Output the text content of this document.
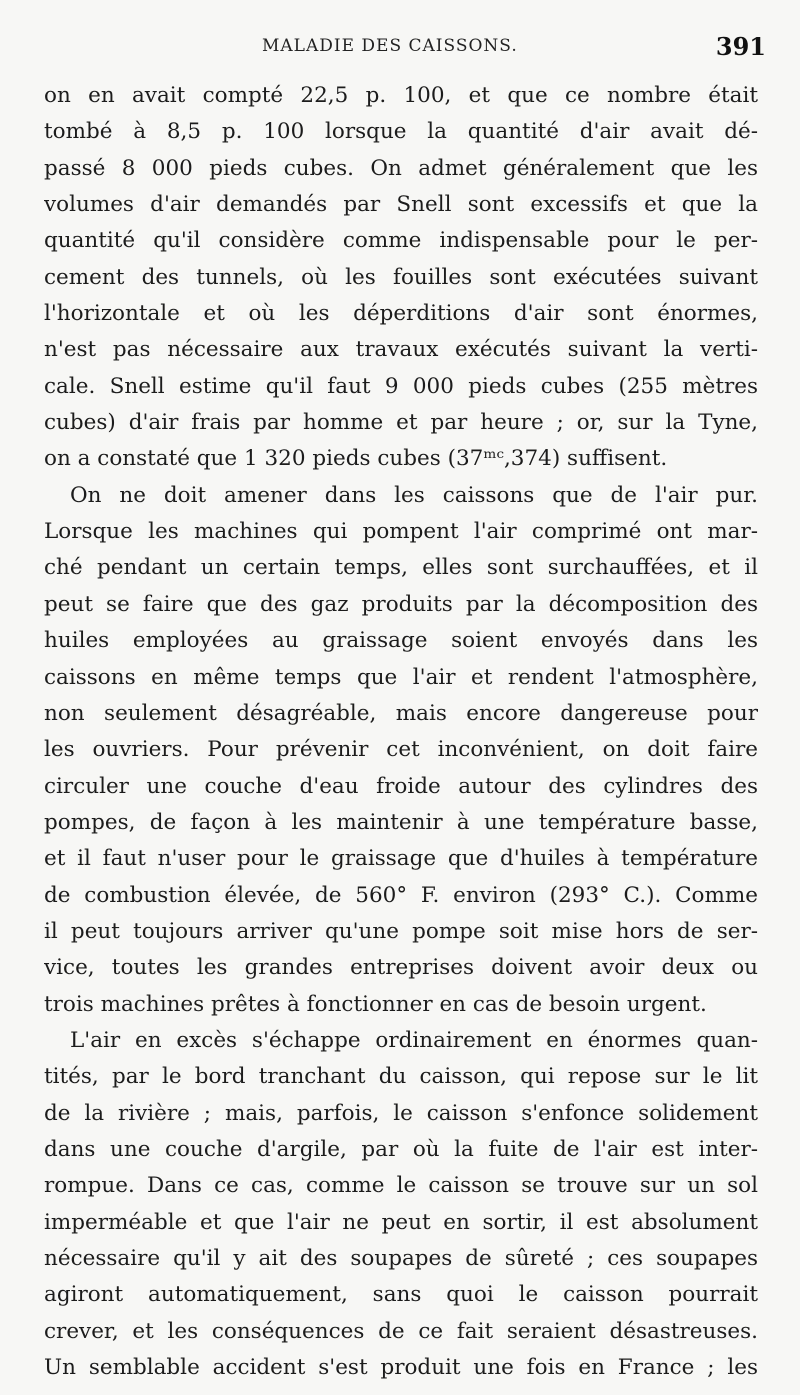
MALADIE DES CAISSONS.	391
on en avait compté 22,5 p. 100, et que ce nombre était
tombé à 8,5 p. 100 lorsque la quantité d'air avait dé-
passé 8 000 pieds cubes. On admet généralement que les
volumes d'air demandés par Snell sont excessifs et que la
quantité qu'il considère comme indispensable pour le per-
cement des tunnels, où les fouilles sont exécutées suivant
l'horizontale et où les déperditions d'air sont énormes,
n'est pas nécessaire aux travaux exécutés suivant la verti-
cale. Snell estime qu'il faut 9 000 pieds cubes (255 mètres
cubes) d'air frais par homme et par heure ; or, sur la Tyne,
on a constaté que 1 320 pieds cubes (37ᵐᶜ,374) suffisent.
On ne doit amener dans les caissons que de l'air pur.
Lorsque les machines qui pompent l'air comprimé ont mar-
ché pendant un certain temps, elles sont surchauffées, et il
peut se faire que des gaz produits par la décomposition des
huiles employées au graissage soient envoyés dans les
caissons en même temps que l'air et rendent l'atmosphère,
non seulement désagréable, mais encore dangereuse pour
les ouvriers. Pour prévenir cet inconvénient, on doit faire
circuler une couche d'eau froide autour des cylindres des
pompes, de façon à les maintenir à une température basse,
et il faut n'user pour le graissage que d'huiles à température
de combustion élevée, de 560° F. environ (293° C.). Comme
il peut toujours arriver qu'une pompe soit mise hors de ser-
vice, toutes les grandes entreprises doivent avoir deux ou
trois machines prêtes à fonctionner en cas de besoin urgent.
L'air en excès s'échappe ordinairement en énormes quan-
tités, par le bord tranchant du caisson, qui repose sur le lit
de la rivière ; mais, parfois, le caisson s'enfonce solidement
dans une couche d'argile, par où la fuite de l'air est inter-
rompue. Dans ce cas, comme le caisson se trouve sur un sol
imperméable et que l'air ne peut en sortir, il est absolument
nécessaire qu'il y ait des soupapes de sûreté ; ces soupapes
agiront automatiquement, sans quoi le caisson pourrait
crever, et les conséquences de ce fait seraient désastreuses.
Un semblable accident s'est produit une fois en France ; les
